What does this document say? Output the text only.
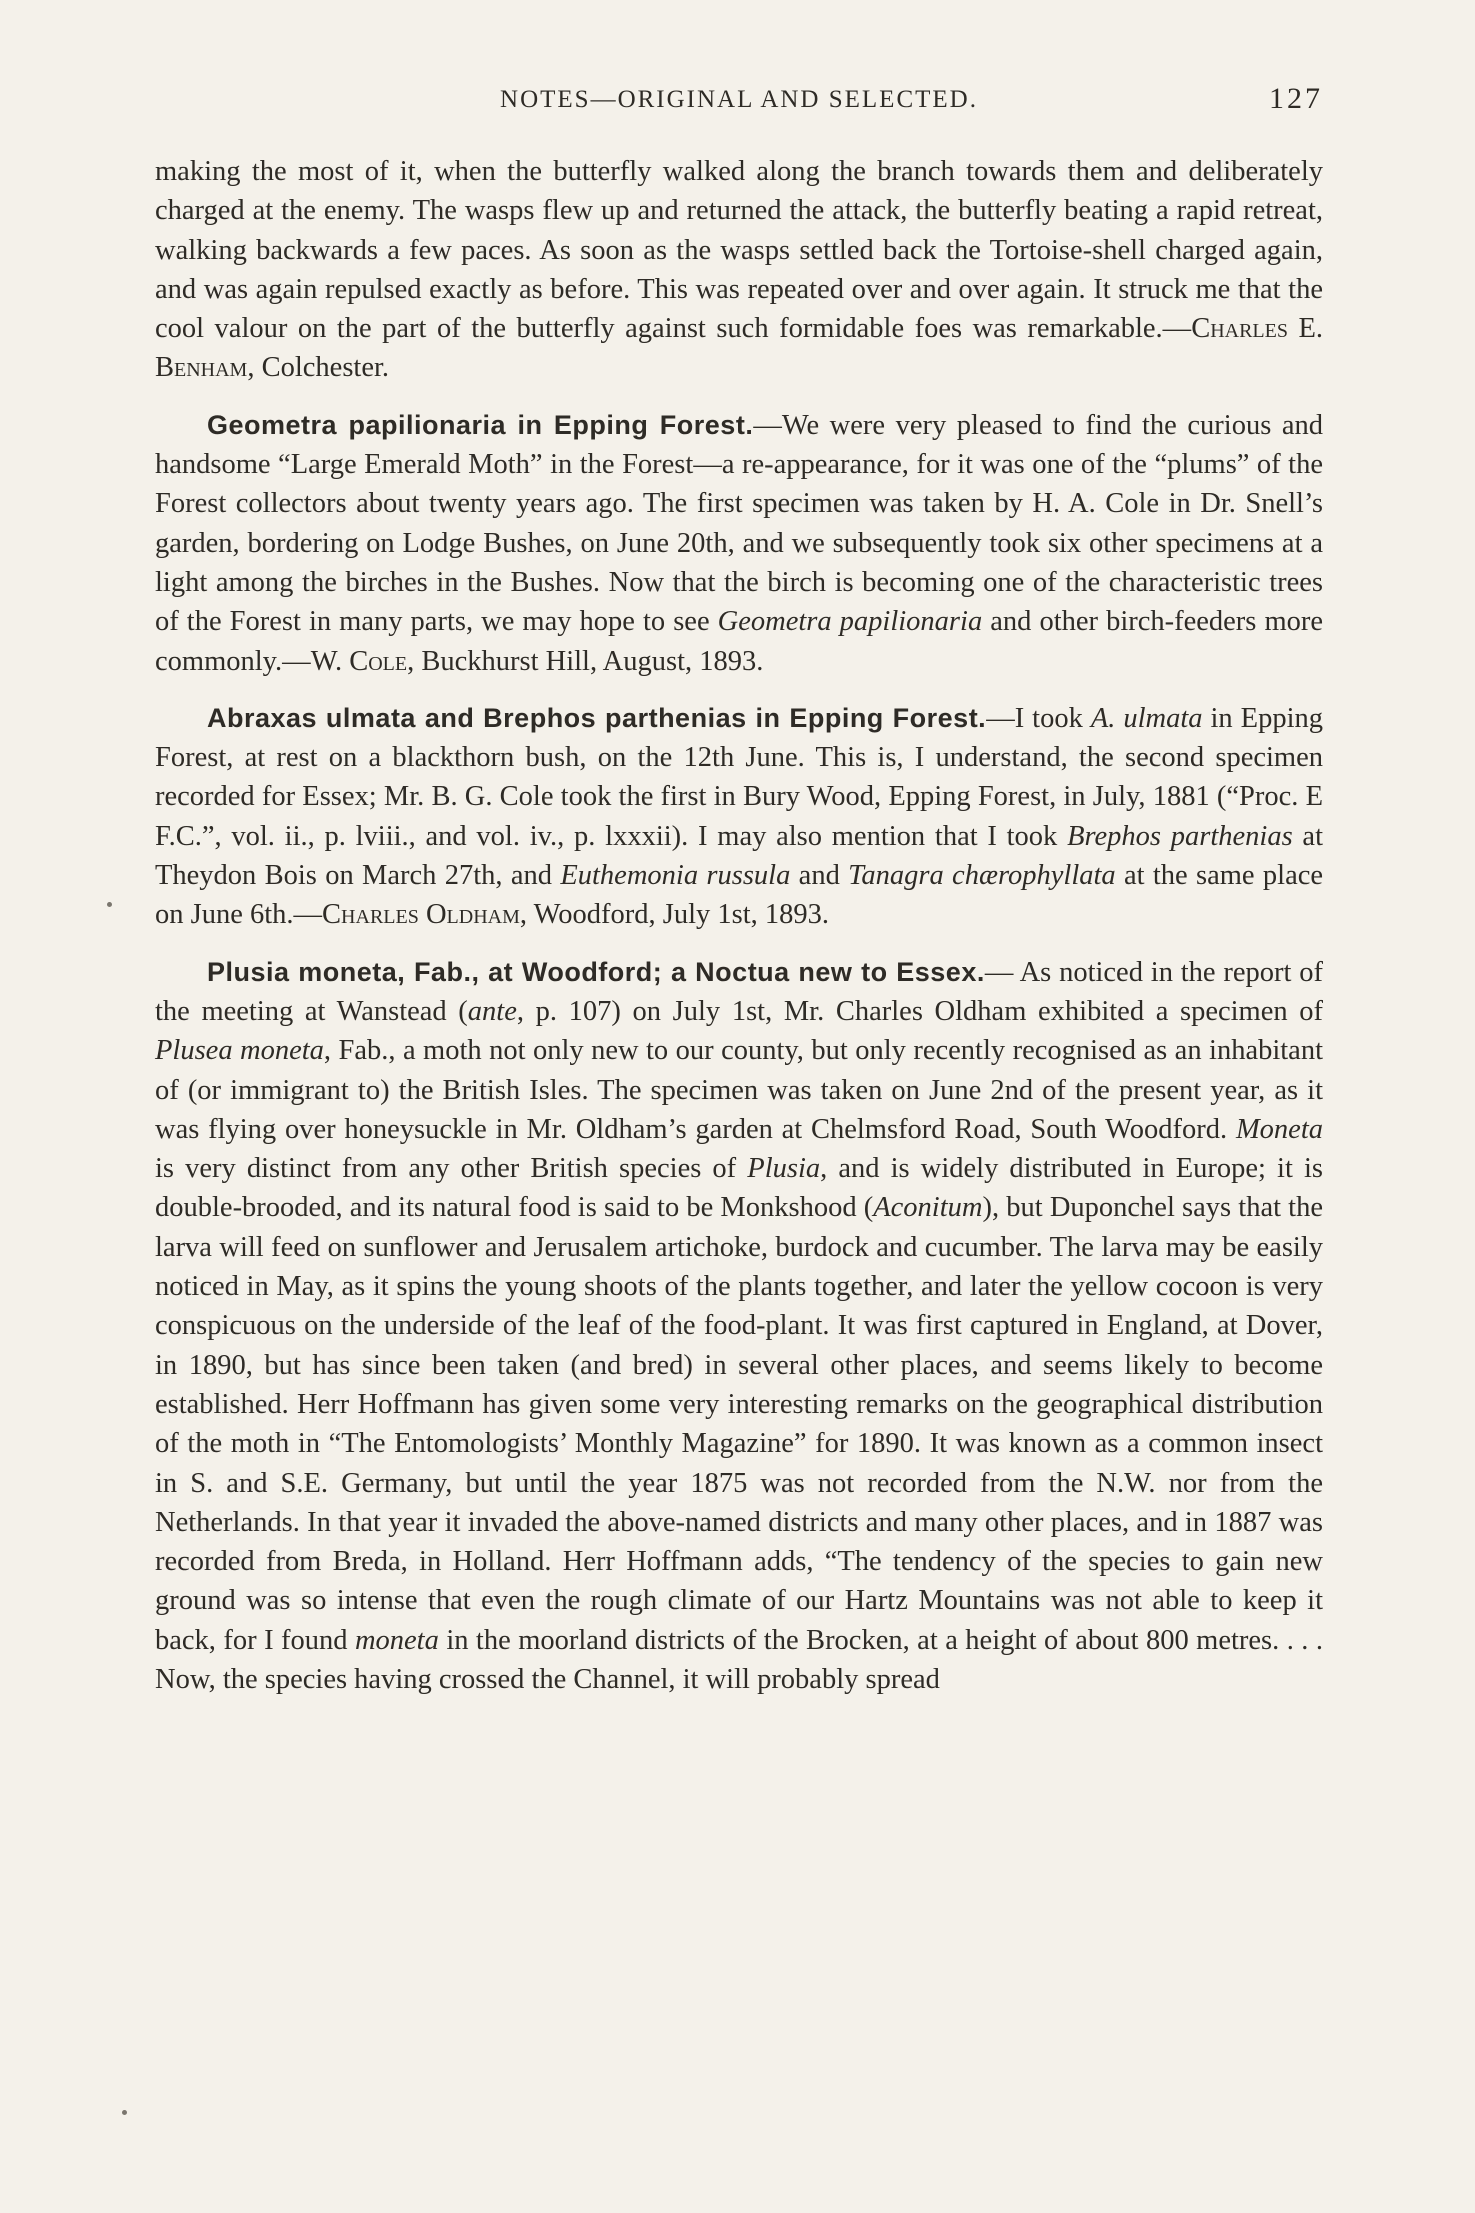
NOTES—ORIGINAL AND SELECTED.	127

making the most of it, when the butterfly walked along the branch towards them and deliberately charged at the enemy. The wasps flew up and returned the attack, the butterfly beating a rapid retreat, walking backwards a few paces. As soon as the wasps settled back the Tortoise-shell charged again, and was again repulsed exactly as before. This was repeated over and over again. It struck me that the cool valour on the part of the butterfly against such formidable foes was remarkable.—Charles E. Benham, Colchester.

Geometra papilionaria in Epping Forest.—We were very pleased to find the curious and handsome “Large Emerald Moth” in the Forest—a re-appearance, for it was one of the “plums” of the Forest collectors about twenty years ago. The first specimen was taken by H. A. Cole in Dr. Snell’s garden, bordering on Lodge Bushes, on June 20th, and we subsequently took six other specimens at a light among the birches in the Bushes. Now that the birch is becoming one of the characteristic trees of the Forest in many parts, we may hope to see Geometra papilionaria and other birch-feeders more commonly.—W. Cole, Buckhurst Hill, August, 1893.

Abraxas ulmata and Brephos parthenias in Epping Forest.—I took A. ulmata in Epping Forest, at rest on a blackthorn bush, on the 12th June. This is, I understand, the second specimen recorded for Essex; Mr. B. G. Cole took the first in Bury Wood, Epping Forest, in July, 1881 (“Proc. E F.C.”, vol. ii., p. lviii., and vol. iv., p. lxxxii). I may also mention that I took Brephos parthenias at Theydon Bois on March 27th, and Euthemonia russula and Tanagra chærophyllata at the same place on June 6th.—Charles Oldham, Woodford, July 1st, 1893.

Plusia moneta, Fab., at Woodford; a Noctua new to Essex.— As noticed in the report of the meeting at Wanstead (ante, p. 107) on July 1st, Mr. Charles Oldham exhibited a specimen of Plusea moneta, Fab., a moth not only new to our county, but only recently recognised as an inhabitant of (or immigrant to) the British Isles. The specimen was taken on June 2nd of the present year, as it was flying over honeysuckle in Mr. Oldham’s garden at Chelmsford Road, South Woodford. Moneta is very distinct from any other British species of Plusia, and is widely distributed in Europe; it is double-brooded, and its natural food is said to be Monkshood (Aconitum), but Duponchel says that the larva will feed on sunflower and Jerusalem artichoke, burdock and cucumber. The larva may be easily noticed in May, as it spins the young shoots of the plants together, and later the yellow cocoon is very conspicuous on the underside of the leaf of the food-plant. It was first captured in England, at Dover, in 1890, but has since been taken (and bred) in several other places, and seems likely to become established. Herr Hoffmann has given some very interesting remarks on the geographical distribution of the moth in “The Entomologists’ Monthly Magazine” for 1890. It was known as a common insect in S. and S.E. Germany, but until the year 1875 was not recorded from the N.W. nor from the Netherlands. In that year it invaded the above-named districts and many other places, and in 1887 was recorded from Breda, in Holland. Herr Hoffmann adds, “The tendency of the species to gain new ground was so intense that even the rough climate of our Hartz Mountains was not able to keep it back, for I found moneta in the moorland districts of the Brocken, at a height of about 800 metres. . . . Now, the species having crossed the Channel, it will probably spread
